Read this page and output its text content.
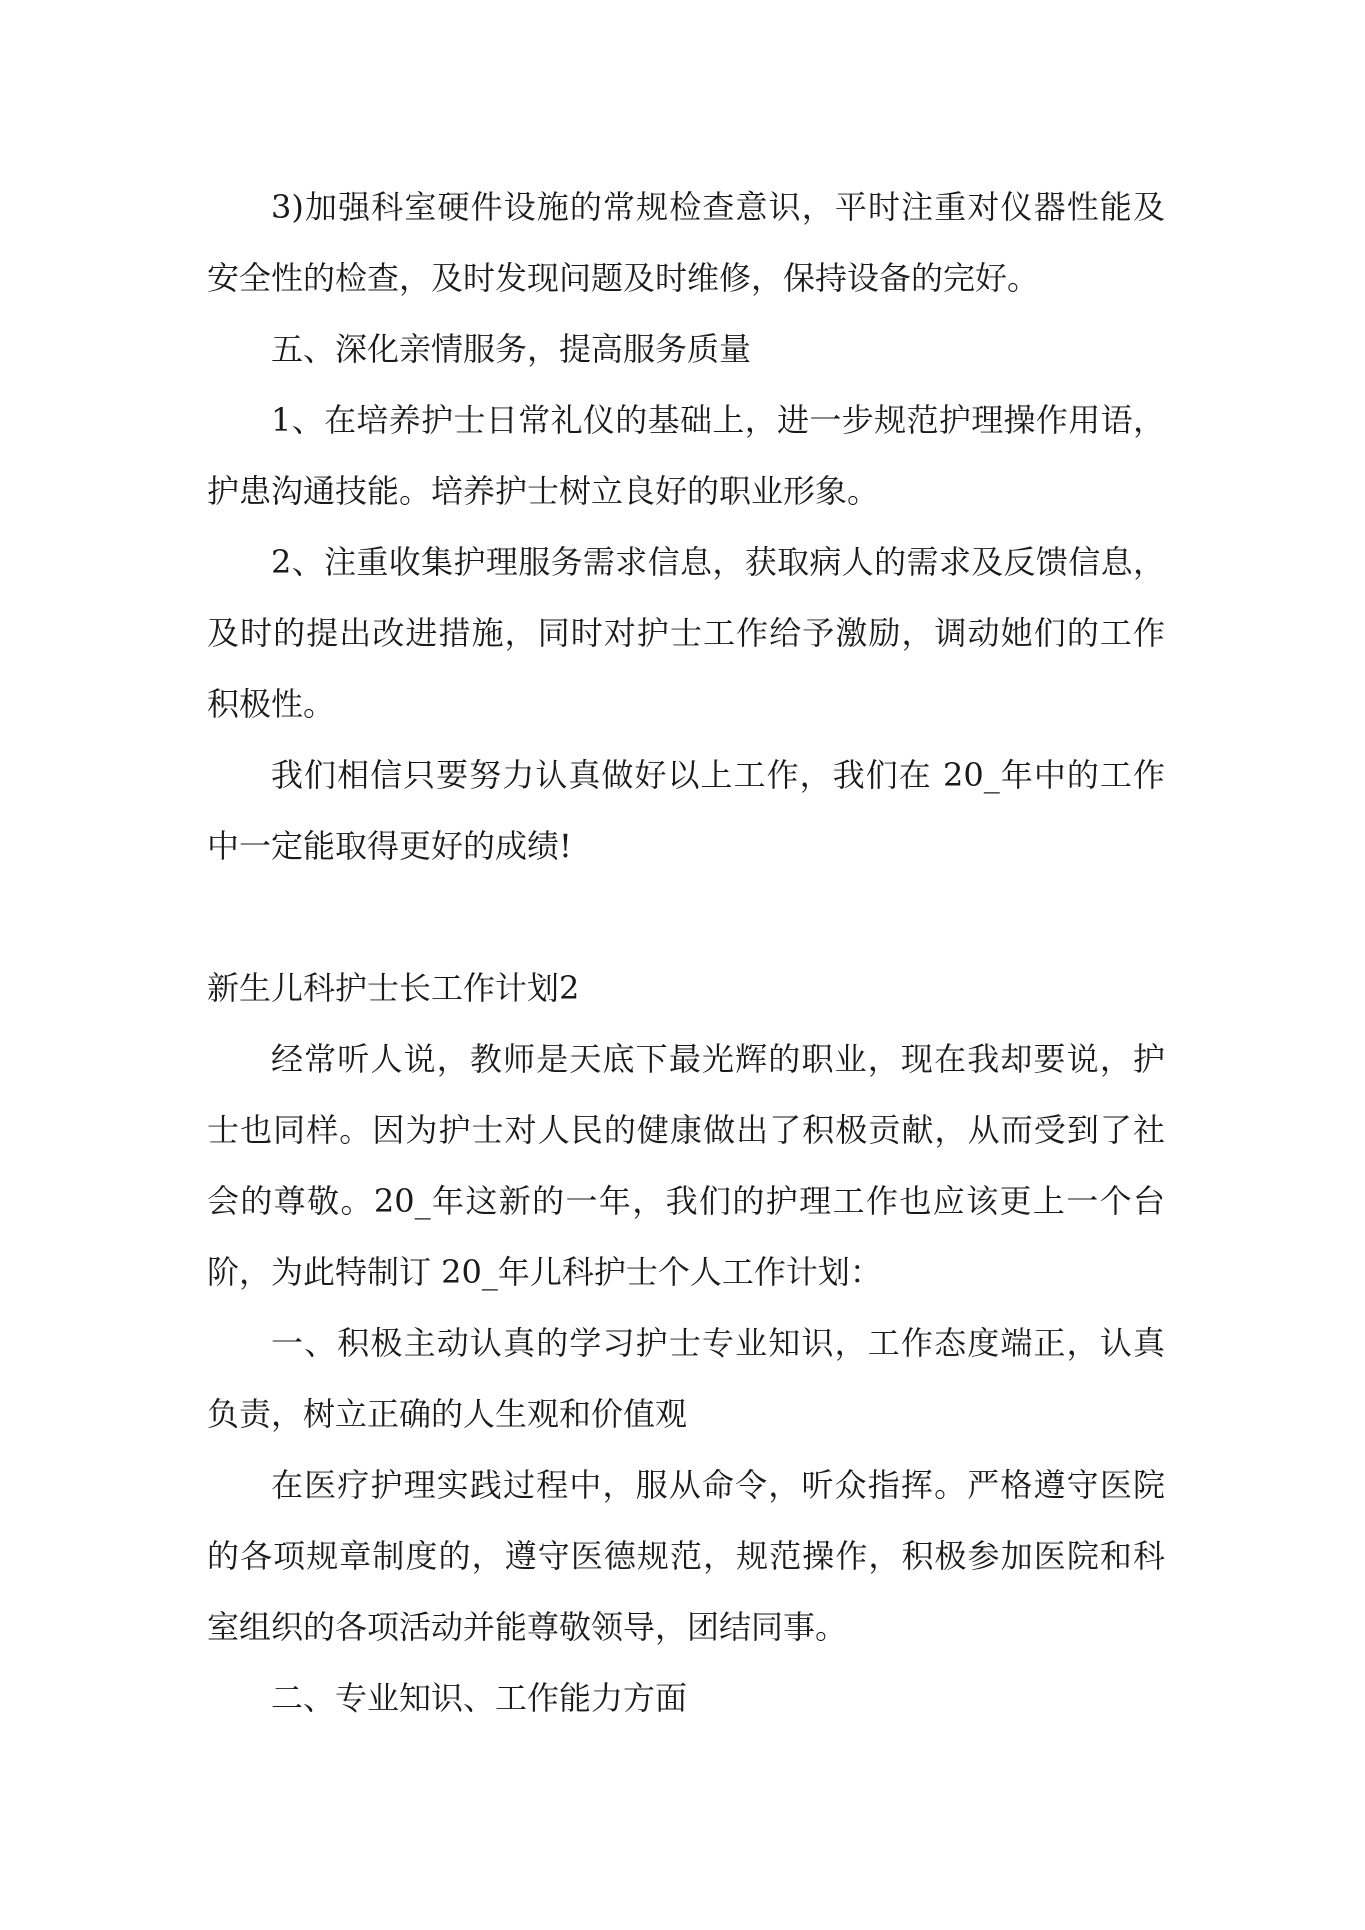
3)加强科室硬件设施的常规检查意识，平时注重对仪器性能及安全性的检查，及时发现问题及时维修，保持设备的完好。

五、深化亲情服务，提高服务质量

1、在培养护士日常礼仪的基础上，进一步规范护理操作用语，护患沟通技能。培养护士树立良好的职业形象。

2、注重收集护理服务需求信息，获取病人的需求及反馈信息，及时的提出改进措施，同时对护士工作给予激励，调动她们的工作积极性。

我们相信只要努力认真做好以上工作，我们在 20_年中的工作中一定能取得更好的成绩!

新生儿科护士长工作计划2

经常听人说，教师是天底下最光辉的职业，现在我却要说，护士也同样。因为护士对人民的健康做出了积极贡献，从而受到了社会的尊敬。20_年这新的一年，我们的护理工作也应该更上一个台阶，为此特制订 20_年儿科护士个人工作计划：

一、积极主动认真的学习护士专业知识，工作态度端正，认真负责，树立正确的人生观和价值观

在医疗护理实践过程中，服从命令，听众指挥。严格遵守医院的各项规章制度的，遵守医德规范，规范操作，积极参加医院和科室组织的各项活动并能尊敬领导，团结同事。

二、专业知识、工作能力方面
